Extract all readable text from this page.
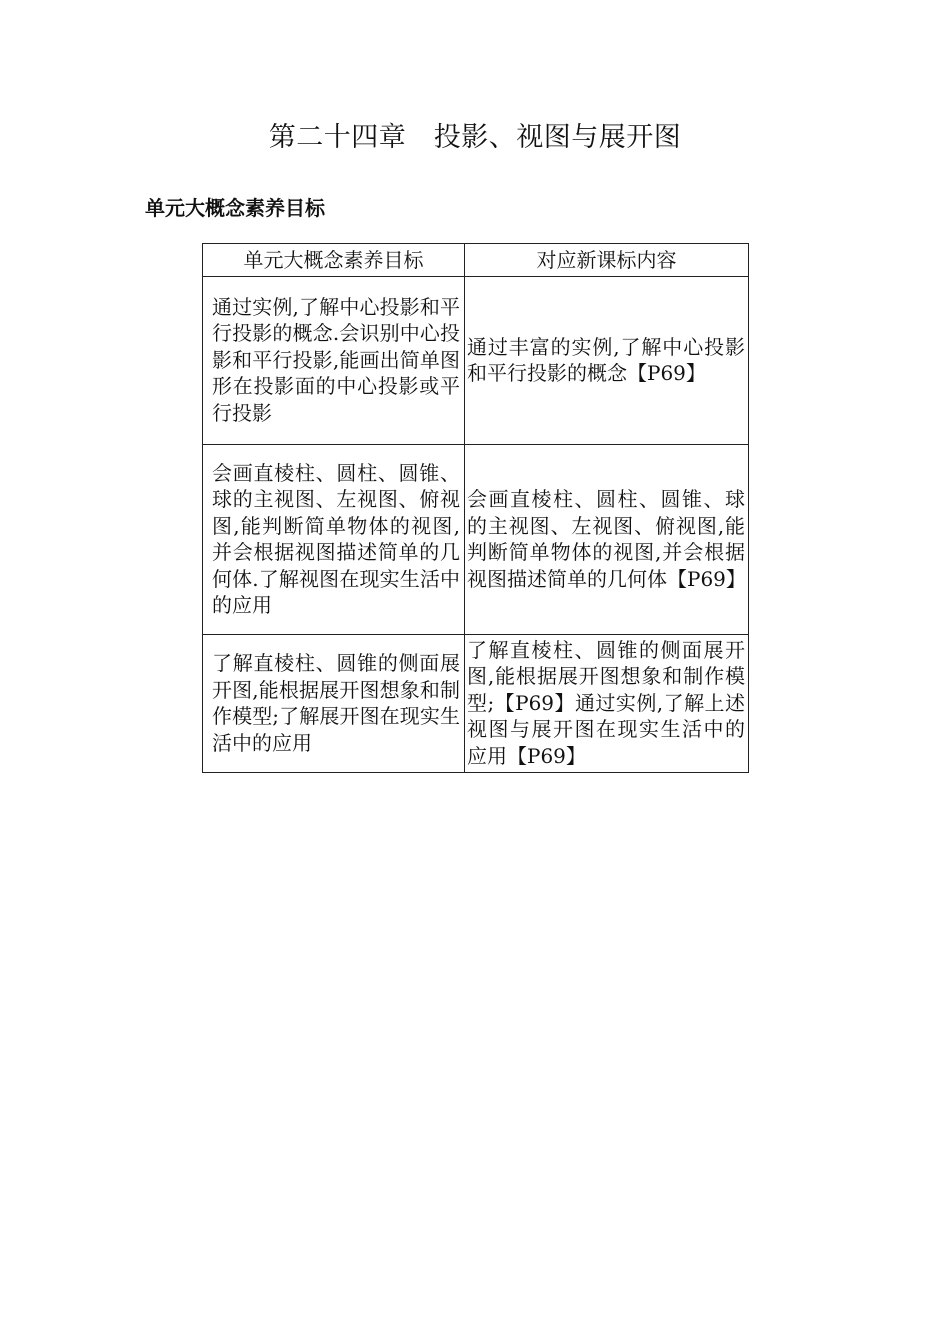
第二十四章　投影、视图与展开图
单元大概念素养目标
单元大概念素养目标	对应新课标内容
通过实例,了解中心投影和平行投影的概念.会识别中心投影和平行投影,能画出简单图形在投影面的中心投影或平行投影	通过丰富的实例,了解中心投影和平行投影的概念【P69】
会画直棱柱、圆柱、圆锥、球的主视图、左视图、俯视图,能判断简单物体的视图,并会根据视图描述简单的几何体.了解视图在现实生活中的应用	会画直棱柱、圆柱、圆锥、球的主视图、左视图、俯视图,能判断简单物体的视图,并会根据视图描述简单的几何体【P69】
了解直棱柱、圆锥的侧面展开图,能根据展开图想象和制作模型;了解展开图在现实生活中的应用	了解直棱柱、圆锥的侧面展开图,能根据展开图想象和制作模型;【P69】通过实例,了解上述视图与展开图在现实生活中的应用【P69】
